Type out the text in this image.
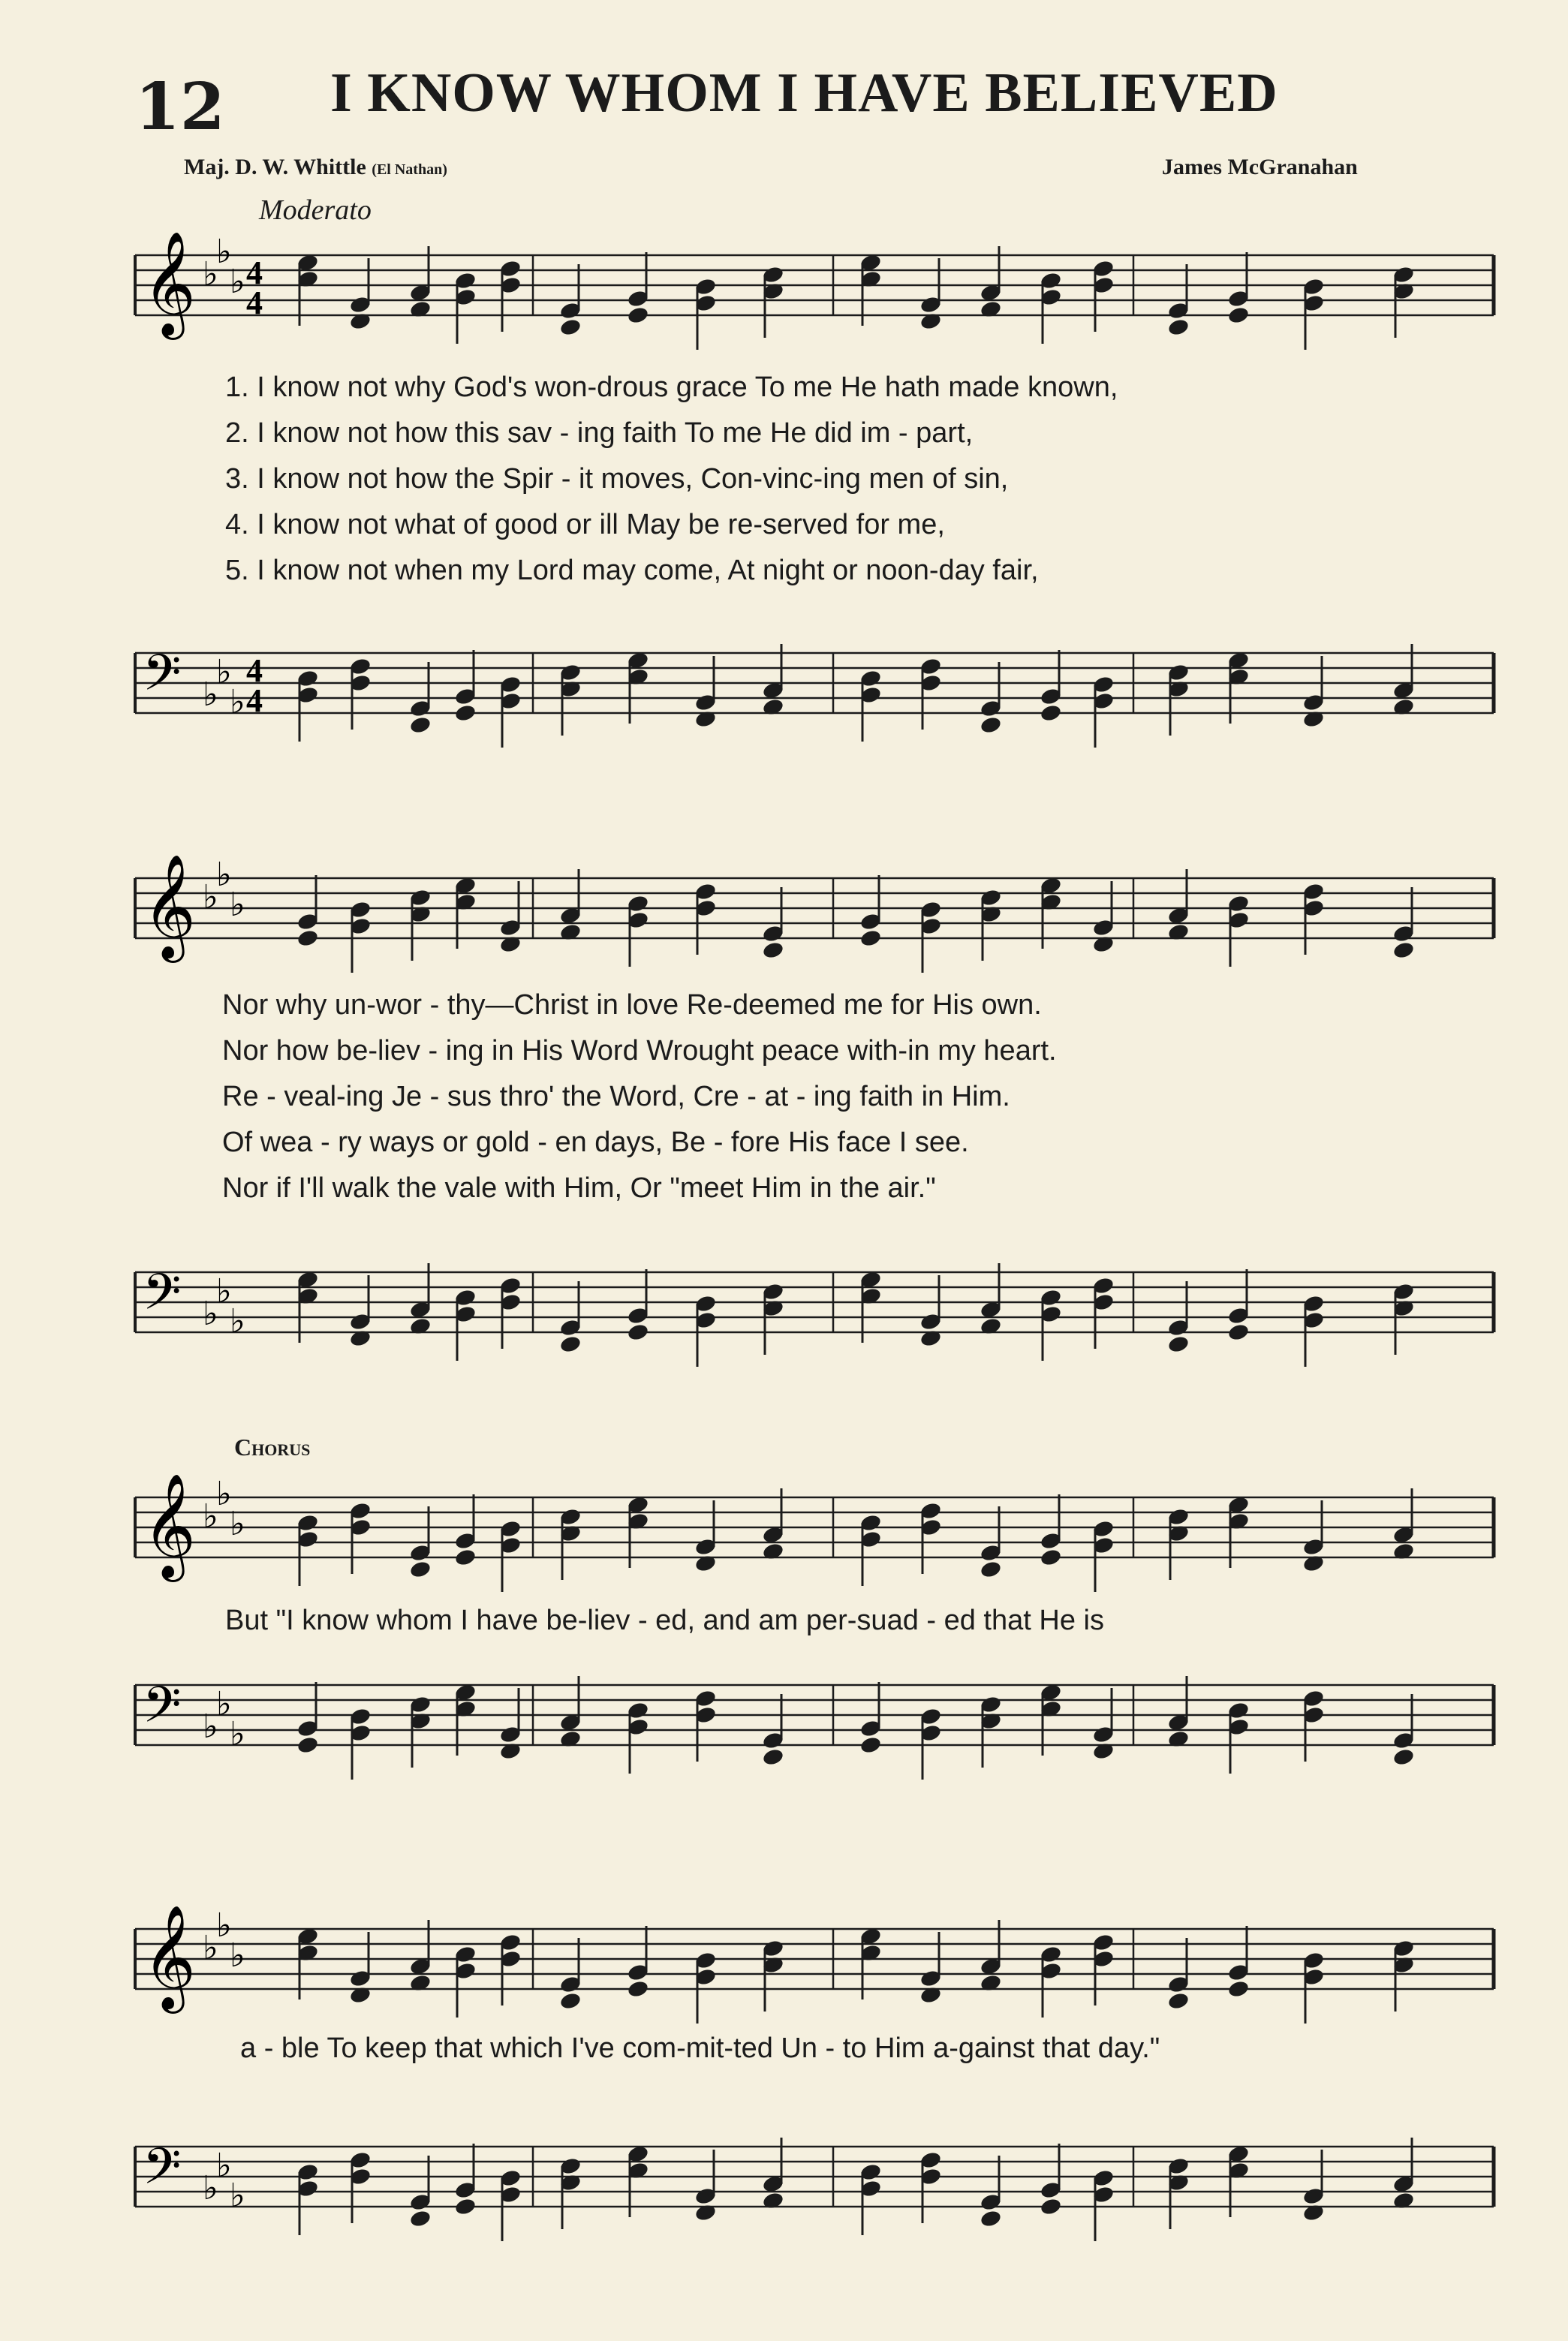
12 I KNOW WHOM I HAVE BELIEVED
Maj. D. W. Whittle (El Nathan)	James McGranahan
Moderato
Chorus
𝄞 ♭
♭
♭ 4
4
𝄢 ♭
♭
♭
4
4
𝄞 ♭
♭
♭
𝄢 ♭
♭
♭
𝄞 ♭
♭
♭
𝄢 ♭
♭
♭
𝄞 ♭
♭
♭
𝄢 ♭
♭
♭
1. I know not why God's won-drous grace To me He hath made known,
2. I know not how this sav - ing faith To me He did im - part,
3. I know not how the Spir - it moves, Con-vinc-ing men of sin,
4. I know not what of good or ill May be re-served for me,
5. I know not when my Lord may come, At night or noon-day fair,
Nor why un-wor - thy—Christ in love Re-deemed me for His own.
Nor how be-liev - ing in His Word Wrought peace with-in my heart.
Re - veal-ing Je - sus thro' the Word, Cre - at - ing faith in Him.
Of wea - ry ways or gold - en days, Be - fore His face I see.
Nor if I'll walk the vale with Him, Or "meet Him in the air."
But "I know whom I have be-liev - ed, and am per-suad - ed that He is
a - ble To keep that which I've com-mit-ted Un - to Him a-gainst that day."
